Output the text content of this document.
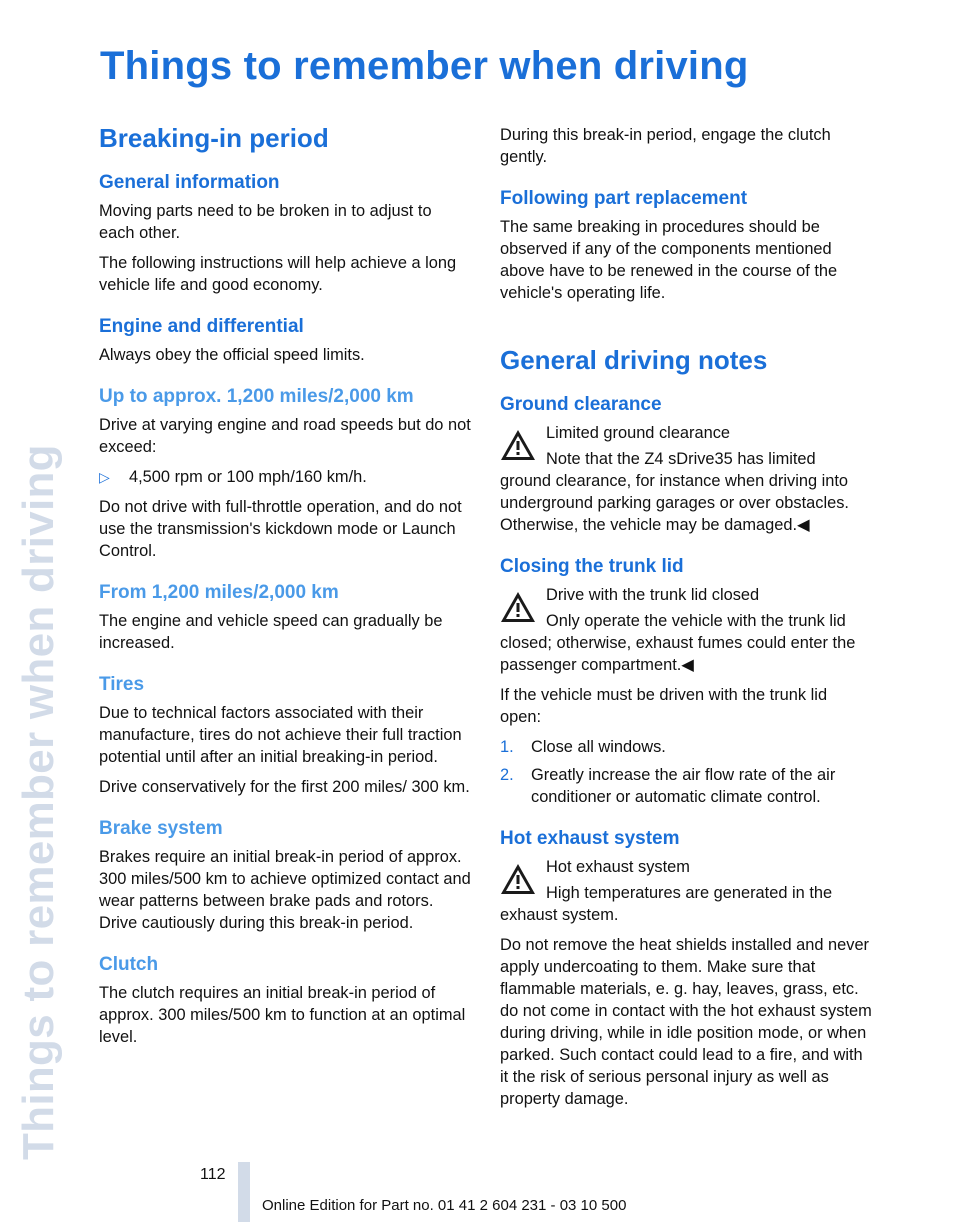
Things to remember when driving
Things to remember when driving
Breaking-in period
General information

Moving parts need to be broken in to adjust to each other.

The following instructions will help achieve a long vehicle life and good economy.

Engine and differential

Always obey the official speed limits.

Up to approx. 1,200 miles/2,000 km

Drive at varying engine and road speeds but do not exceed:

▷	4,500 rpm or 100 mph/160 km/h.

Do not drive with full-throttle operation, and do not use the transmission's kickdown mode or Launch Control.

From 1,200 miles/2,000 km

The engine and vehicle speed can gradually be increased.

Tires

Due to technical factors associated with their manufacture, tires do not achieve their full traction potential until after an initial breaking-in period.

Drive conservatively for the first 200 miles/ 300 km.

Brake system

Brakes require an initial break-in period of approx. 300 miles/500 km to achieve optimized contact and wear patterns between brake pads and rotors. Drive cautiously during this break-in period.

Clutch

The clutch requires an initial break-in period of approx. 300 miles/500 km to function at an optimal level.

During this break-in period, engage the clutch gently.

Following part replacement

The same breaking in procedures should be observed if any of the components mentioned above have to be renewed in the course of the vehicle's operating life.

General driving notes
Ground clearance

Limited ground clearance

Note that the Z4 sDrive35 has limited

ground clearance, for instance when driving into underground parking garages or over obstacles. Otherwise, the vehicle may be damaged.◀

Closing the trunk lid

Drive with the trunk lid closed

Only operate the vehicle with the trunk lid

closed; otherwise, exhaust fumes could enter the passenger compartment.◀

If the vehicle must be driven with the trunk lid open:

1.	Close all windows.
2.	Greatly increase the air flow rate of the air conditioner or automatic climate control.
Hot exhaust system

Hot exhaust system

High temperatures are generated in the

exhaust system.

Do not remove the heat shields installed and never apply undercoating to them. Make sure that flammable materials, e. g. hay, leaves, grass, etc. do not come in contact with the hot exhaust system during driving, while in idle position mode, or when parked. Such contact could lead to a fire, and with it the risk of serious personal injury as well as property damage.

112
Online Edition for Part no. 01 41 2 604 231 - 03 10 500
